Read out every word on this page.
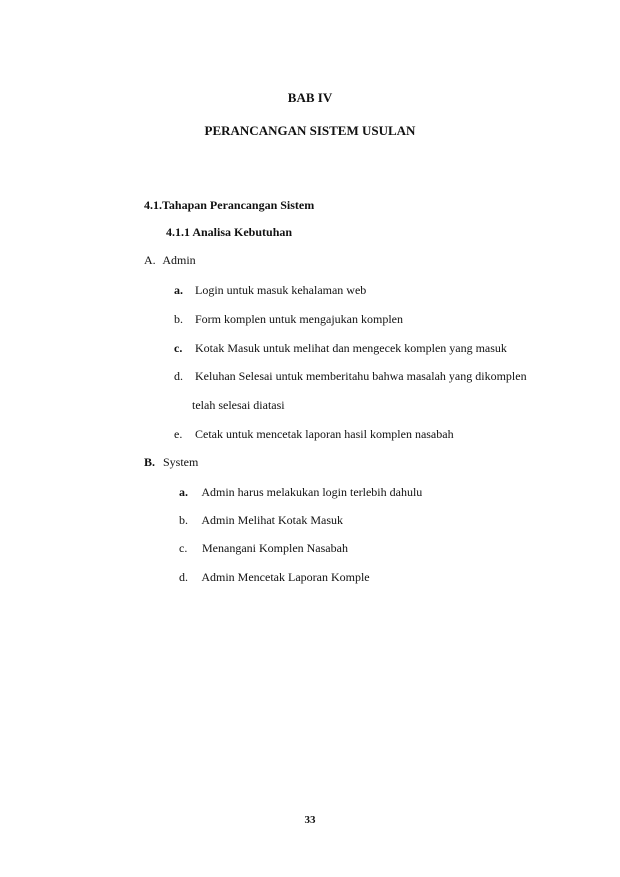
BAB IV
PERANCANGAN SISTEM USULAN
4.1.Tahapan Perancangan Sistem
4.1.1 Analisa Kebutuhan
A. Admin
a. Login untuk masuk kehalaman web
b. Form komplen untuk mengajukan komplen
c. Kotak Masuk untuk melihat dan mengecek komplen yang masuk
d. Keluhan Selesai untuk memberitahu bahwa masalah yang dikomplen
telah selesai diatasi
e. Cetak untuk mencetak laporan hasil komplen nasabah
B. System
a. Admin harus melakukan login terlebih dahulu
b. Admin Melihat Kotak Masuk
c. Menangani Komplen Nasabah
d. Admin Mencetak Laporan Komple
33
